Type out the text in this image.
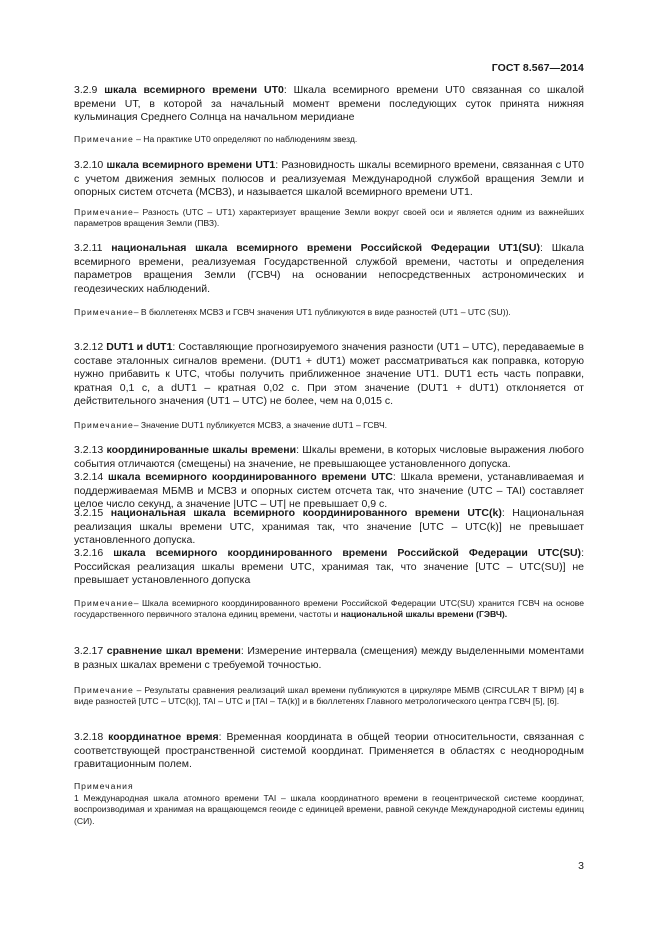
ГОСТ 8.567—2014
3.2.9 шкала всемирного времени UT0: Шкала всемирного времени UT0 связанная со шкалой времени UT, в которой за начальный момент времени последующих суток принята нижняя кульминация Среднего Солнца на начальном меридиане
Примечание – На практике UT0 определяют по наблюдениям звезд.
3.2.10 шкала всемирного времени UT1: Разновидность шкалы всемирного времени, связанная с UT0 с учетом движения земных полюсов и реализуемая Международной службой вращения Земли и опорных систем отсчета (МСВЗ), и называется шкалой всемирного времени UT1.
Примечание– Разность (UTC – UT1) характеризует вращение Земли вокруг своей оси и является одним из важнейших параметров вращения Земли (ПВЗ).
3.2.11 национальная шкала всемирного времени Российской Федерации UT1(SU): Шкала всемирного времени, реализуемая Государственной службой времени, частоты и определения параметров вращения Земли (ГСВЧ) на основании непосредственных астрономических и геодезических наблюдений.
Примечание– В бюллетенях МСВЗ и ГСВЧ значения UT1 публикуются в виде разностей (UT1 – UTC (SU)).
3.2.12 DUT1 и dUT1: Составляющие прогнозируемого значения разности (UT1 – UTC), передаваемые в составе эталонных сигналов времени. (DUT1 + dUT1) может рассматриваться как поправка, которую нужно прибавить к UTC, чтобы получить приближенное значение UT1. DUT1 есть часть поправки, кратная 0,1 с, а dUT1 – кратная 0,02 с. При этом значение (DUT1 + dUT1) отклоняется от действительного значения (UT1 – UTC) не более, чем на 0,015 с.
Примечание– Значение DUT1 публикуется МСВЗ, а значение dUT1 – ГСВЧ.
3.2.13 координированные шкалы времени: Шкалы времени, в которых числовые выражения любого события отличаются (смещены) на значение, не превышающее установленного допуска.
3.2.14 шкала всемирного координированного времени UTC: Шкала времени, устанавливаемая и поддерживаемая МБМВ и МСВЗ и опорных систем отсчета так, что значение (UTC – TAI) составляет целое число секунд, а значение |UTC – UT| не превышает 0,9 с.
3.2.15 национальная шкала всемирного координированного времени UTC(k): Национальная реализация шкалы времени UTC, хранимая так, что значение [UTC – UTC(k)] не превышает установленного допуска.
3.2.16 шкала всемирного координированного времени Российской Федерации UTC(SU): Российская реализация шкалы времени UTC, хранимая так, что значение [UTC – UTC(SU)] не превышает установленного допуска
Примечание– Шкала всемирного координированного времени Российской Федерации UTC(SU) хранится ГСВЧ на основе государственного первичного эталона единиц времени, частоты и национальной шкалы времени (ГЭВЧ).
3.2.17 сравнение шкал времени: Измерение интервала (смещения) между выделенными моментами в разных шкалах времени с требуемой точностью.
Примечание – Результаты сравнения реализаций шкал времени публикуются в циркуляре МБМВ (CIRCULAR T BIPM) [4] в виде разностей [UTC – UTC(k)], TAI – UTC и [TAI – TA(k)] и в бюллетенях Главного метрологического центра ГСВЧ [5], [6].
3.2.18 координатное время: Временная координата в общей теории относительности, связанная с соответствующей пространственной системой координат. Применяется в областях с неоднородным гравитационным полем.
Примечания
1 Международная шкала атомного времени TAI – шкала координатного времени в геоцентрической системе координат, воспроизводимая и хранимая на вращающемся геоиде с единицей времени, равной секунде Международной системы единиц (СИ).
3
